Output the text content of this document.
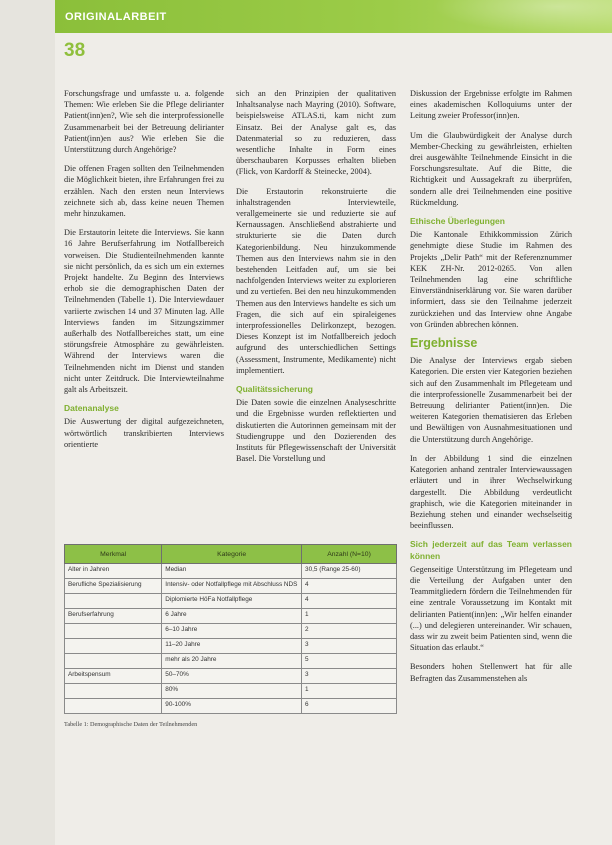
ORIGINALARBEIT
38

Forschungsfrage und umfasste u. a. folgende Themen: Wie erleben Sie die Pflege delirianter Patient(inn)en?, Wie seh die interprofessionelle Zusammenarbeit bei der Betreuung delirianter Patient(inn)en aus? Wie erleben Sie die Unterstützung durch Angehörige?

Die offenen Fragen sollten den Teilnehmenden die Möglichkeit bieten, ihre Erfahrungen frei zu erzählen. Nach den ersten neun Interviews zeichnete sich ab, dass keine neuen Themen mehr hinzukamen.

Die Erstautorin leitete die Interviews. Sie kann 16 Jahre Berufserfahrung im Notfallbereich vorweisen. Die Studienteilnehmenden kannte sie nicht persönlich, da es sich um ein externes Projekt handelte. Zu Beginn des Interviews erhob sie die demographischen Daten der Teilnehmenden (Tabelle 1). Die Interviewdauer variierte zwischen 14 und 37 Minuten lag. Alle Interviews fanden im Sitzungszimmer außerhalb des Notfallbereiches statt, um eine störungsfreie Atmosphäre zu gewährleisten. Während der Interviews waren die Teilnehmenden nicht im Dienst und standen nicht unter Zeitdruck. Die Interviewteilnahme galt als Arbeitszeit.

Datenanalyse

Die Auswertung der digital aufgezeichneten, wörtwörtlich transkribierten Interviews orientierte

sich an den Prinzipien der qualitativen Inhaltsanalyse nach Mayring (2010). Software, beispielsweise ATLAS.ti, kam nicht zum Einsatz. Bei der Analyse galt es, das Datenmaterial so zu reduzieren, dass wesentliche Inhalte in Form eines überschaubaren Korpusses erhalten blieben (Flick, von Kardorff & Steinecke, 2004).

Die Erstautorin rekonstruierte die inhaltstragenden Interviewteile, verallgemeinerte sie und reduzierte sie auf Kernaussagen. Anschließend abstrahierte und strukturierte sie die Daten durch Kategorienbildung. Neu hinzukommende Themen aus den Interviews nahm sie in den bestehenden Leitfaden auf, um sie bei nachfolgenden Interviews weiter zu explorieren und zu vertiefen. Bei den neu hinzukommenden Themen aus den Interviews handelte es sich um Fragen, die sich auf ein spiraleigenes interprofessionelles Delirkonzept, bezogen. Dieses Konzept ist im Notfallbereich jedoch aufgrund des unterschiedlichen Settings (Assessment, Instrumente, Medikamente) nicht implementiert.

Qualitätssicherung

Die Daten sowie die einzelnen Analyseschritte und die Ergebnisse wurden reflektierten und diskutierten die Autorinnen gemeinsam mit der Studiengruppe und den Dozierenden des Instituts für Pflegewissenschaft der Universität Basel. Die Vorstellung und

Diskussion der Ergebnisse erfolgte im Rahmen eines akademischen Kolloquiums unter der Leitung zweier Professor(inn)en.

Um die Glaubwürdigkeit der Analyse durch Member-Checking zu gewährleisten, erhielten drei ausgewählte Teilnehmende Einsicht in die Forschungsresultate. Auf die Bitte, die Richtigkeit und Aussagekraft zu überprüfen, sondern alle drei Teilnehmenden eine positive Rückmeldung.

Ethische Überlegungen

Die Kantonale Ethikkommission Zürich genehmigte diese Studie im Rahmen des Projekts „Delir Path“ mit der Referenznummer KEK ZH-Nr. 2012-0265. Von allen Teilnehmenden lag eine schriftliche Einverständniserklärung vor. Sie waren darüber informiert, dass sie den Teilnahme jederzeit zurückziehen und das Interview ohne Angabe von Gründen abbrechen können.

Ergebnisse

Die Analyse der Interviews ergab sieben Kategorien. Die ersten vier Kategorien beziehen sich auf den Zusammenhalt im Pflegeteam und die interprofessionelle Zusammenarbeit bei der Betreuung delirianter Patient(inn)en. Die weiteren Kategorien thematisieren das Erleben und Bewältigen von Ausnahmesituationen und die Unterstützung durch Angehörige.

In der Abbildung 1 sind die einzelnen Kategorien anhand zentraler Interviewaussagen erläutert und in ihrer Wechselwirkung dargestellt. Die Abbildung verdeutlicht graphisch, wie die Kategorien miteinander in Beziehung stehen und einander wechselseitig beeinflussen.

Sich jederzeit auf das Team verlassen können

Gegenseitige Unterstützung im Pflegeteam und die Verteilung der Aufgaben unter den Teammitgliedern fördern die Teilnehmenden für eine zentrale Voraussetzung im Kontakt mit delirianten Patient(inn)en: „Wir helfen einander (...) und delegieren untereinander. Wir schauen, dass wir zu zweit beim Patienten sind, wenn die Situation das erlaubt.“

Besonders hohen Stellenwert hat für alle Befragten das Zusammenstehen als

Merkmal	Kategorie	Anzahl (N=10)
Alter in Jahren	Median	30,5 (Range 25-60)
Berufliche Spezialisierung	Intensiv- oder Notfallpflege mit Abschluss NDS	4
	Diplomierte HöFa Notfallpflege	4
Berufserfahrung	6 Jahre	1
	6–10 Jahre	2
	11–20 Jahre	3
	mehr als 20 Jahre	5
Arbeitspensum	50–70%	3
	80%	1
	90-100%	6
Tabelle 1: Demographische Daten der Teilnehmenden
